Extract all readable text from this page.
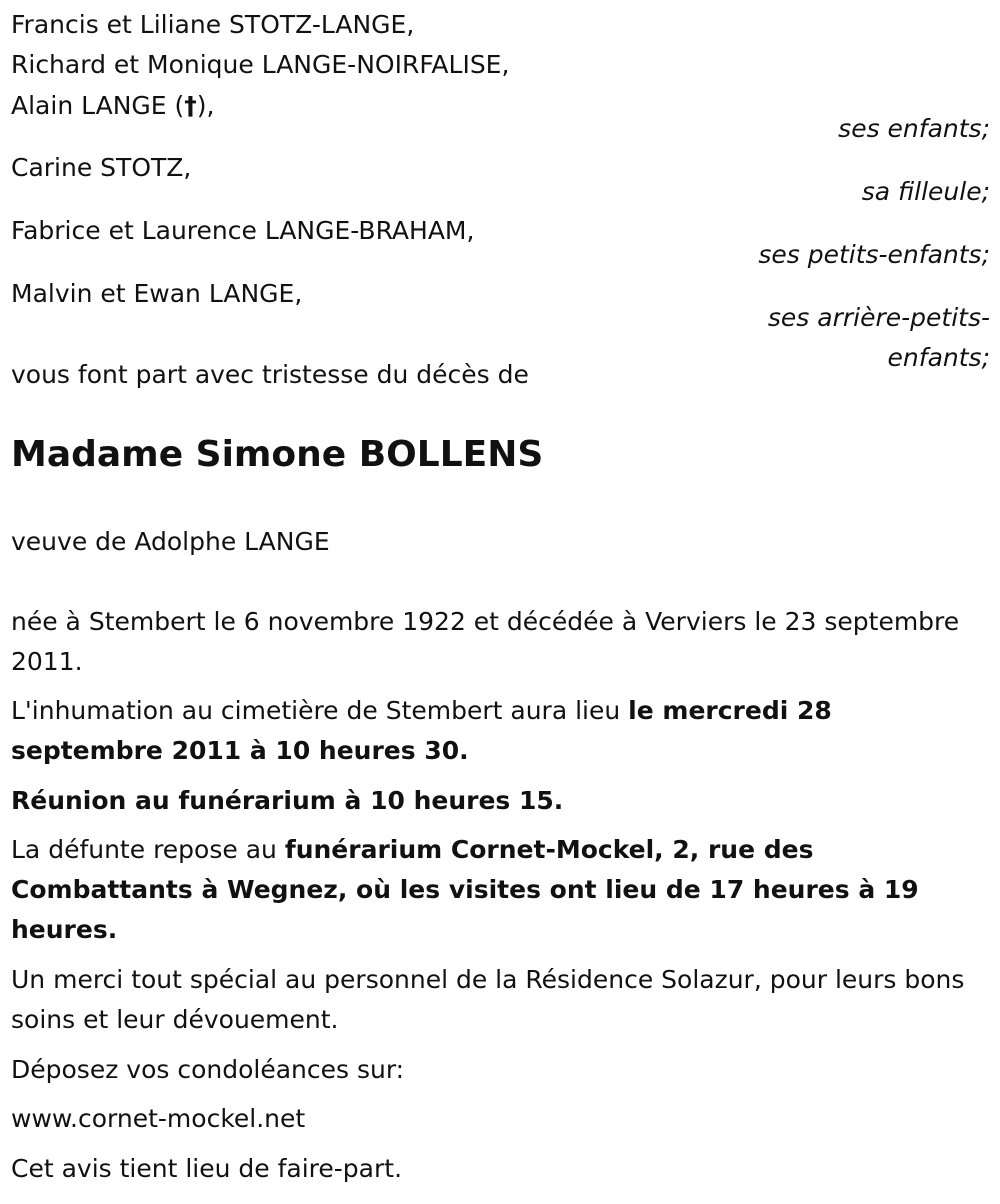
Francis et Liliane STOTZ-LANGE,
Richard et Monique LANGE-NOIRFALISE,
Alain LANGE (†),
ses enfants;
Carine STOTZ,
sa filleule;
Fabrice et Laurence LANGE-BRAHAM,
ses petits-enfants;
Malvin et Ewan LANGE,
ses arrière-petits-
enfants;
vous font part avec tristesse du décès de
Madame Simone BOLLENS
veuve de Adolphe LANGE
née à Stembert le 6 novembre 1922 et décédée à Verviers le 23 septembre 2011.
L'inhumation au cimetière de Stembert aura lieu le mercredi 28 septembre 2011 à 10 heures 30.
Réunion au funérarium à 10 heures 15.
La défunte repose au funérarium Cornet-Mockel, 2, rue des Combattants à Wegnez, où les visites ont lieu de 17 heures à 19 heures.
Un merci tout spécial au personnel de la Résidence Solazur, pour leurs bons soins et leur dévouement.
Déposez vos condoléances sur:
www.cornet-mockel.net
Cet avis tient lieu de faire-part.
